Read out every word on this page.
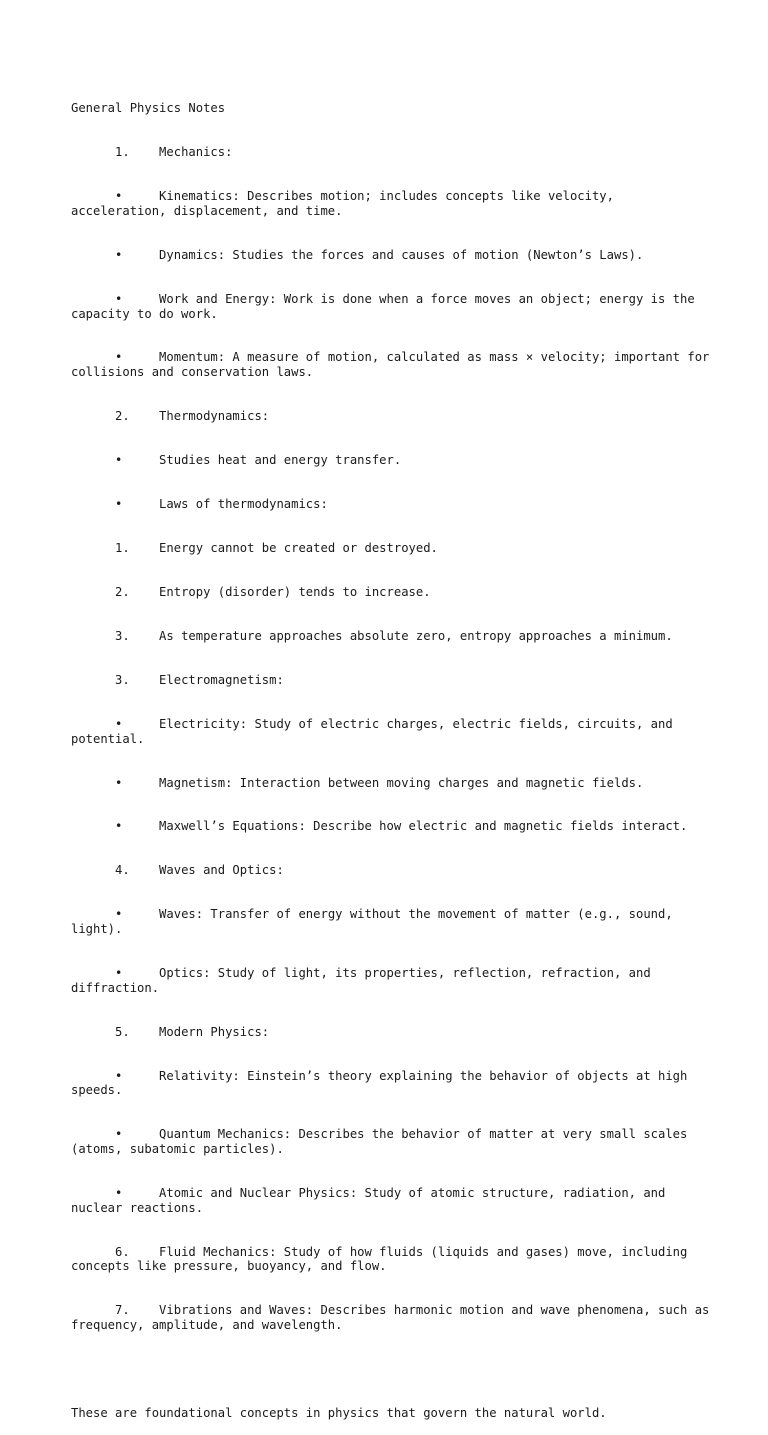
General Physics Notes

1.    Mechanics:

•     Kinematics: Describes motion; includes concepts like velocity, acceleration, displacement, and time.

•     Dynamics: Studies the forces and causes of motion (Newton’s Laws).

•     Work and Energy: Work is done when a force moves an object; energy is the capacity to do work.

•     Momentum: A measure of motion, calculated as mass × velocity; important for collisions and conservation laws.

2.    Thermodynamics:

•     Studies heat and energy transfer.

•     Laws of thermodynamics:

1.    Energy cannot be created or destroyed.

2.    Entropy (disorder) tends to increase.

3.    As temperature approaches absolute zero, entropy approaches a minimum.

3.    Electromagnetism:

•     Electricity: Study of electric charges, electric fields, circuits, and potential.

•     Magnetism: Interaction between moving charges and magnetic fields.

•     Maxwell’s Equations: Describe how electric and magnetic fields interact.

4.    Waves and Optics:

•     Waves: Transfer of energy without the movement of matter (e.g., sound, light).

•     Optics: Study of light, its properties, reflection, refraction, and diffraction.

5.    Modern Physics:

•     Relativity: Einstein’s theory explaining the behavior of objects at high speeds.

•     Quantum Mechanics: Describes the behavior of matter at very small scales (atoms, subatomic particles).

•     Atomic and Nuclear Physics: Study of atomic structure, radiation, and nuclear reactions.

6.    Fluid Mechanics: Study of how fluids (liquids and gases) move, including concepts like pressure, buoyancy, and flow.

7.    Vibrations and Waves: Describes harmonic motion and wave phenomena, such as frequency, amplitude, and wavelength.

These are foundational concepts in physics that govern the natural world.
